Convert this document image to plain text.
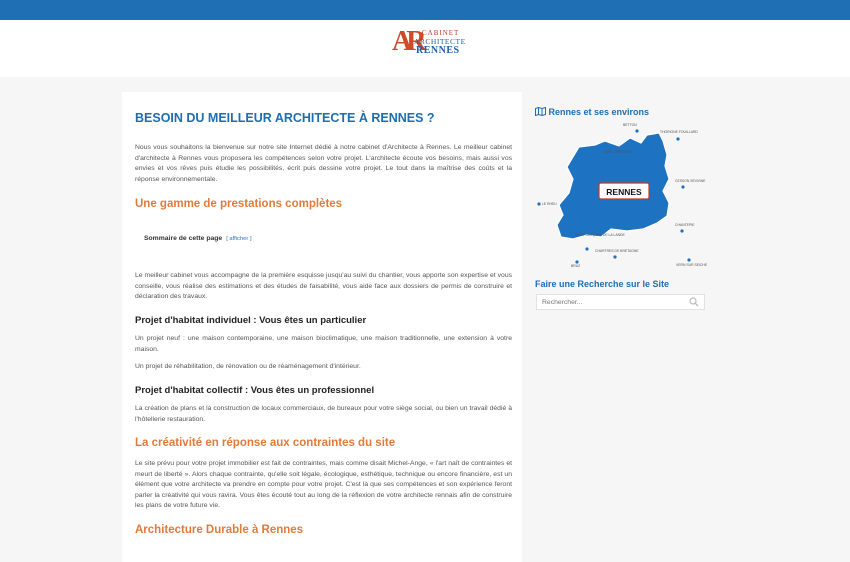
AR CABINET
ARCHITECTE
RENNES
BESOIN DU MEILLEUR ARCHITECTE À RENNES ?

Nous vous souhaitons la bienvenue sur notre site Internet dédié à notre cabinet d'Architecte à Rennes. Le meilleur cabinet d'architecte à Rennes vous proposera les compétences selon votre projet. L'architecte écoute vos besoins, mais aussi vos envies et vos rêves puis étudie les possibilités, écrit puis dessine votre projet. Le tout dans la maîtrise des coûts et la réponse environnementale.

Une gamme de prestations complètes
Sommaire de cette page [ afficher ]

Le meilleur cabinet vous accompagne de la première esquisse jusqu'au suivi du chantier, vous apporte son expertise et vous conseille, vous réalise des estimations et des études de faisabilité, vous aide face aux dossiers de permis de construire et déclaration des travaux.

Projet d'habitat individuel : Vous êtes un particulier

Un projet neuf : une maison contemporaine, une maison bioclimatique, une maison traditionnelle, une extension à votre maison.

Un projet de réhabilitation, de rénovation ou de réaménagement d'intérieur.

Projet d'habitat collectif : Vous êtes un professionnel

La création de plans et la construction de locaux commerciaux, de bureaux pour votre siège social, ou bien un travail dédié à l'hôtellerie restauration.

La créativité en réponse aux contraintes du site

Le site prévu pour votre projet immobilier est fait de contraintes, mais comme disait Michel-Ange, « l'art naît de contraintes et meurt de liberté ». Alors chaque contrainte, qu'elle soit légale, écologique, esthétique, technique ou encore financière, est un élément que votre architecte va prendre en compte pour votre projet. C'est là que ses compétences et son expérience feront parler la créativité qui vous ravira. Vous êtes écouté tout au long de la réflexion de votre architecte rennais afin de construire les plans de votre future vie.

Architecture Durable à Rennes
Rennes et ses environs
RENNES
BETTON
THORIGNE FOUILLARD
SAINT-GREGOIRE
CESSON SEVIGNE
LE RHEU
CHANTEPIE
SAINT-JACQUES DE LA LANDE
CHARTRES DE BRETAGNE
BRUZ	VERN SUR SEICHE
Faire une Recherche sur le Site
Rechercher...
